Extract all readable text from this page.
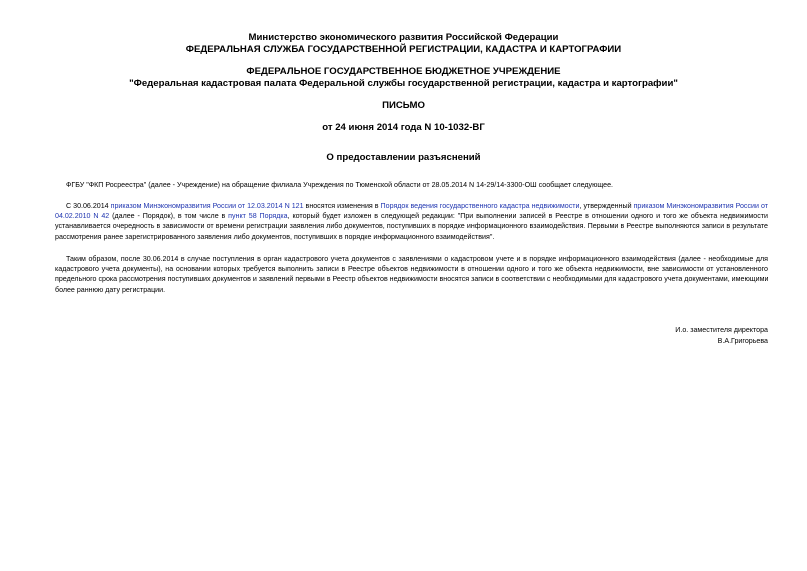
Министерство экономического развития Российской Федерации
ФЕДЕРАЛЬНАЯ СЛУЖБА ГОСУДАРСТВЕННОЙ РЕГИСТРАЦИИ, КАДАСТРА И КАРТОГРАФИИ
ФЕДЕРАЛЬНОЕ ГОСУДАРСТВЕННОЕ БЮДЖЕТНОЕ УЧРЕЖДЕНИЕ
"Федеральная кадастровая палата Федеральной службы государственной регистрации, кадастра и картографии"
ПИСЬМО
от 24 июня 2014 года N 10-1032-ВГ
О предоставлении разъяснений
ФГБУ "ФКП Росреестра" (далее - Учреждение) на обращение филиала Учреждения по Тюменской области от 28.05.2014 N 14-29/14-3300-ОШ сообщает следующее.
С 30.06.2014 приказом Минэкономразвития России от 12.03.2014 N 121 вносятся изменения в Порядок ведения государственного кадастра недвижимости, утвержденный приказом Минэкономразвития России от
04.02.2010 N 42 (далее - Порядок), в том числе в пункт 58 Порядка, который будет изложен в следующей редакции: "При выполнении записей в Реестре в отношении одного и того же объекта недвижимости
устанавливается очередность в зависимости от времени регистрации заявления либо документов, поступивших в порядке информационного взаимодействия. Первыми в Реестре выполняются записи в результате
рассмотрения ранее зарегистрированного заявления либо документов, поступивших в порядке информационного взаимодействия".
Таким образом, после 30.06.2014 в случае поступления в орган кадастрового учета документов с заявлениями о кадастровом учете и в порядке информационного взаимодействия (далее - необходимые для
кадастрового учета документы), на основании которых требуется выполнить записи в Реестре объектов недвижимости в отношении одного и того же объекта недвижимости, вне зависимости от установленного
предельного срока рассмотрения поступивших документов и заявлений первыми в Реестр объектов недвижимости вносятся записи в соответствии с необходимыми для кадастрового учета документами, имеющими
более раннюю дату регистрации.
И.о. заместителя директора
В.А.Григорьева
